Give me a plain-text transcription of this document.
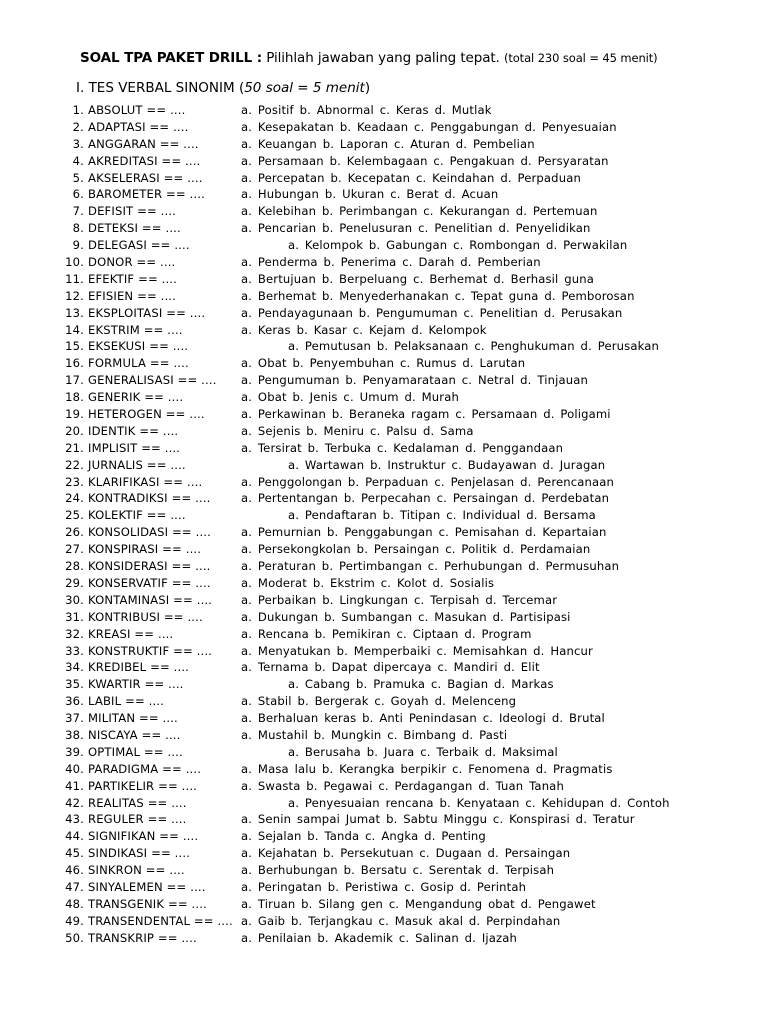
SOAL TPA PAKET DRILL : Pilihlah jawaban yang paling tepat. (total 230 soal = 45 menit)
I. TES VERBAL SINONIM (50 soal = 5 menit)
1. ABSOLUT == ....	a. Positif b. Abnormal c. Keras d. Mutlak
2. ADAPTASI == ....	a. Kesepakatan b. Keadaan c. Penggabungan d. Penyesuaian
3. ANGGARAN == ....	a. Keuangan b. Laporan c. Aturan d. Pembelian
4. AKREDITASI == ....	a. Persamaan b. Kelembagaan c. Pengakuan d. Persyaratan
5. AKSELERASI == ....	a. Percepatan b. Kecepatan c. Keindahan d. Perpaduan
6. BAROMETER == ....	a. Hubungan b. Ukuran c. Berat d. Acuan
7. DEFISIT == ....	a. Kelebihan b. Perimbangan c. Kekurangan d. Pertemuan
8. DETEKSI == ....	a. Pencarian b. Penelusuran c. Penelitian d. Penyelidikan
9. DELEGASI == ....	a. Kelompok b. Gabungan c. Rombongan d. Perwakilan
10. DONOR == ....	a. Penderma b. Penerima c. Darah d. Pemberian
11. EFEKTIF == ....	a. Bertujuan b. Berpeluang c. Berhemat d. Berhasil guna
12. EFISIEN == ....	a. Berhemat b. Menyederhanakan c. Tepat guna d. Pemborosan
13. EKSPLOITASI == ....	a. Pendayagunaan b. Pengumuman c. Penelitian d. Perusakan
14. EKSTRIM == ....	a. Keras b. Kasar c. Kejam d. Kelompok
15. EKSEKUSI == ....	a. Pemutusan b. Pelaksanaan c. Penghukuman d. Perusakan
16. FORMULA == ....	a. Obat b. Penyembuhan c. Rumus d. Larutan
17. GENERALISASI == .... a. Pengumuman b. Penyamarataan c. Netral d. Tinjauan
18. GENERIK == ....	a. Obat b. Jenis c. Umum d. Murah
19. HETEROGEN == ....	a. Perkawinan b. Beraneka ragam c. Persamaan d. Poligami
20. IDENTIK == ....	a. Sejenis b. Meniru c. Palsu d. Sama
21. IMPLISIT == ....	a. Tersirat b. Terbuka c. Kedalaman d. Penggandaan
22. JURNALIS == ....	a. Wartawan b. Instruktur c. Budayawan d. Juragan
23. KLARIFIKASI == ....	a. Penggolongan b. Perpaduan c. Penjelasan d. Perencanaan
24. KONTRADIKSI == ....	a. Pertentangan b. Perpecahan c. Persaingan d. Perdebatan
25. KOLEKTIF == ....	a. Pendaftaran b. Titipan c. Individual d. Bersama
26. KONSOLIDASI == ....	a. Pemurnian b. Penggabungan c. Pemisahan d. Kepartaian
27. KONSPIRASI == ....	a. Persekongkolan b. Persaingan c. Politik d. Perdamaian
28. KONSIDERASI == ....	a. Peraturan b. Pertimbangan c. Perhubungan d. Permusuhan
29. KONSERVATIF == ....	a. Moderat b. Ekstrim c. Kolot d. Sosialis
30. KONTAMINASI == .... a. Perbaikan b. Lingkungan c. Terpisah d. Tercemar
31. KONTRIBUSI == ....	a. Dukungan b. Sumbangan c. Masukan d. Partisipasi
32. KREASI == ....	a. Rencana b. Pemikiran c. Ciptaan d. Program
33. KONSTRUKTIF == .... a. Menyatukan b. Memperbaiki c. Memisahkan d. Hancur
34. KREDIBEL == ....	a. Ternama b. Dapat dipercaya c. Mandiri d. Elit
35. KWARTIR == ....	a. Cabang b. Pramuka c. Bagian d. Markas
36. LABIL == ....	a. Stabil b. Bergerak c. Goyah d. Melenceng
37. MILITAN == ....	a. Berhaluan keras b. Anti Penindasan c. Ideologi d. Brutal
38. NISCAYA == ....	a. Mustahil b. Mungkin c. Bimbang d. Pasti
39. OPTIMAL == ....	a. Berusaha b. Juara c. Terbaik d. Maksimal
40. PARADIGMA == ....	a. Masa lalu b. Kerangka berpikir c. Fenomena d. Pragmatis
41. PARTIKELIR == ....	a. Swasta b. Pegawai c. Perdagangan d. Tuan Tanah
42. REALITAS == ....	a. Penyesuaian rencana b. Kenyataan c. Kehidupan d. Contoh
43. REGULER == ....	a. Senin sampai Jumat b. Sabtu Minggu c. Konspirasi d. Teratur
44. SIGNIFIKAN == ....	a. Sejalan b. Tanda c. Angka d. Penting
45. SINDIKASI == ....	a. Kejahatan b. Persekutuan c. Dugaan d. Persaingan
46. SINKRON == ....	a. Berhubungan b. Bersatu c. Serentak d. Terpisah
47. SINYALEMEN == ....	a. Peringatan b. Peristiwa c. Gosip d. Perintah
48. TRANSGENIK == ....	a. Tiruan b. Silang gen c. Mengandung obat d. Pengawet
49. TRANSENDENTAL == .... a. Gaib b. Terjangkau c. Masuk akal d. Perpindahan
50. TRANSKRIP == ....	a. Penilaian b. Akademik c. Salinan d. Ijazah
